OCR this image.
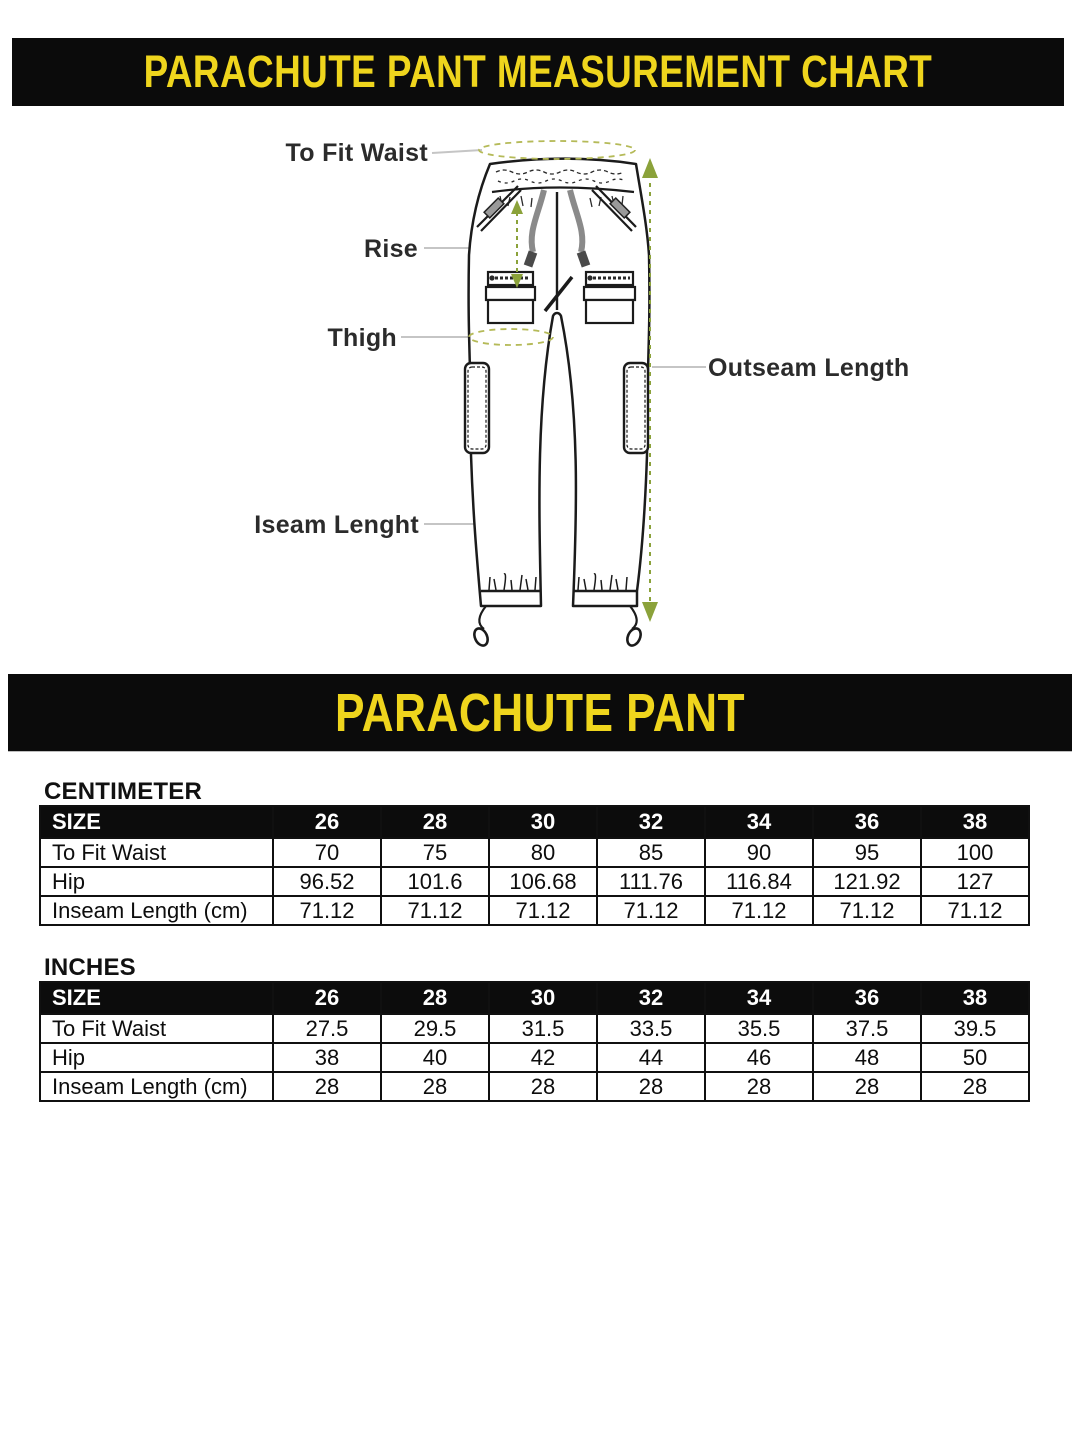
PARACHUTE PANT MEASUREMENT CHART
To Fit Waist
Rise
Thigh
Outseam Length
Iseam Lenght
PARACHUTE PANT
CENTIMETER
SIZE	26	28	30	32	34	36	38
To Fit Waist	70	75	80	85	90	95	100
Hip	96.52	101.6	106.68	111.76	116.84	121.92	127
Inseam Length (cm)	71.12	71.12	71.12	71.12	71.12	71.12	71.12
INCHES
SIZE	26	28	30	32	34	36	38
To Fit Waist	27.5	29.5	31.5	33.5	35.5	37.5	39.5
Hip	38	40	42	44	46	48	50
Inseam Length (cm)	28	28	28	28	28	28	28
